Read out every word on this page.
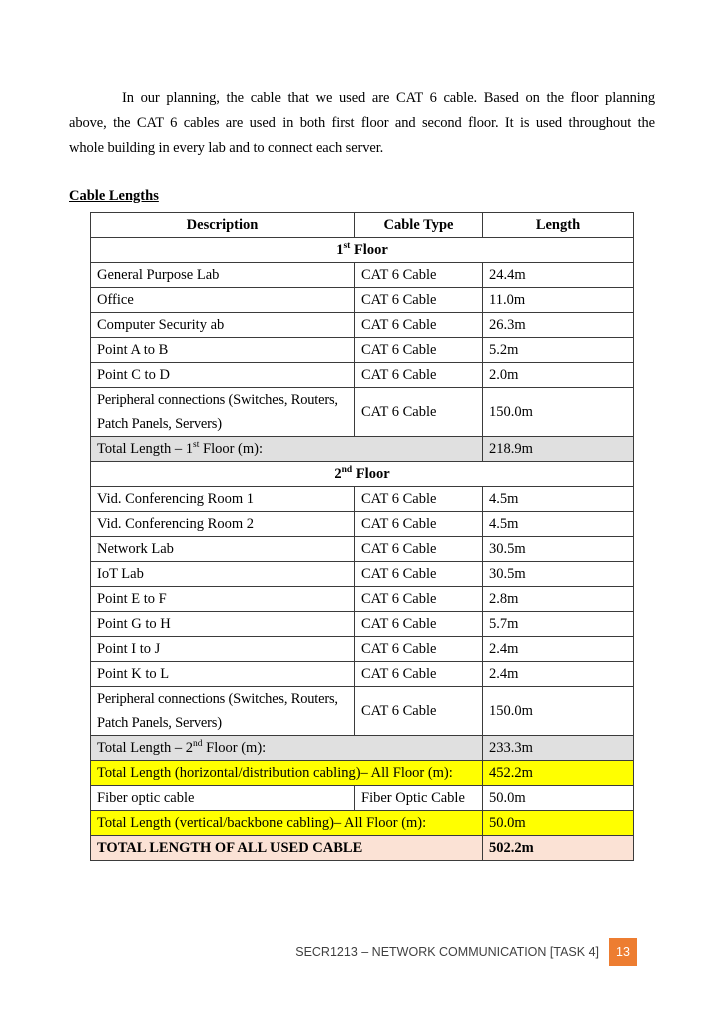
In our planning, the cable that we used are CAT 6 cable. Based on the floor planning
above, the CAT 6 cables are used in both first floor and second floor. It is used throughout the
whole building in every lab and to connect each server.
Cable Lengths
Description	Cable Type	Length
1st Floor		
General Purpose Lab	CAT 6 Cable	24.4m
Office	CAT 6 Cable	11.0m
Computer Security ab	CAT 6 Cable	26.3m
Point A to B	CAT 6 Cable	5.2m
Point C to D	CAT 6 Cable	2.0m
Peripheral connections (Switches, Routers,
Patch Panels, Servers)	CAT 6 Cable	150.0m
Total Length – 1st Floor (m):		218.9m
2nd Floor		
Vid. Conferencing Room 1	CAT 6 Cable	4.5m
Vid. Conferencing Room 2	CAT 6 Cable	4.5m
Network Lab	CAT 6 Cable	30.5m
IoT Lab	CAT 6 Cable	30.5m
Point E to F	CAT 6 Cable	2.8m
Point G to H	CAT 6 Cable	5.7m
Point I to J	CAT 6 Cable	2.4m
Point K to L	CAT 6 Cable	2.4m
Peripheral connections (Switches, Routers,
Patch Panels, Servers)	CAT 6 Cable	150.0m
Total Length – 2nd Floor (m):		233.3m
Total Length (horizontal/distribution cabling)– All Floor (m):		452.2m
Fiber optic cable	Fiber Optic Cable	50.0m
Total Length (vertical/backbone cabling)– All Floor (m):		50.0m
TOTAL LENGTH OF ALL USED CABLE		502.2m
SECR1213 – NETWORK COMMUNICATION [TASK 4]	13
